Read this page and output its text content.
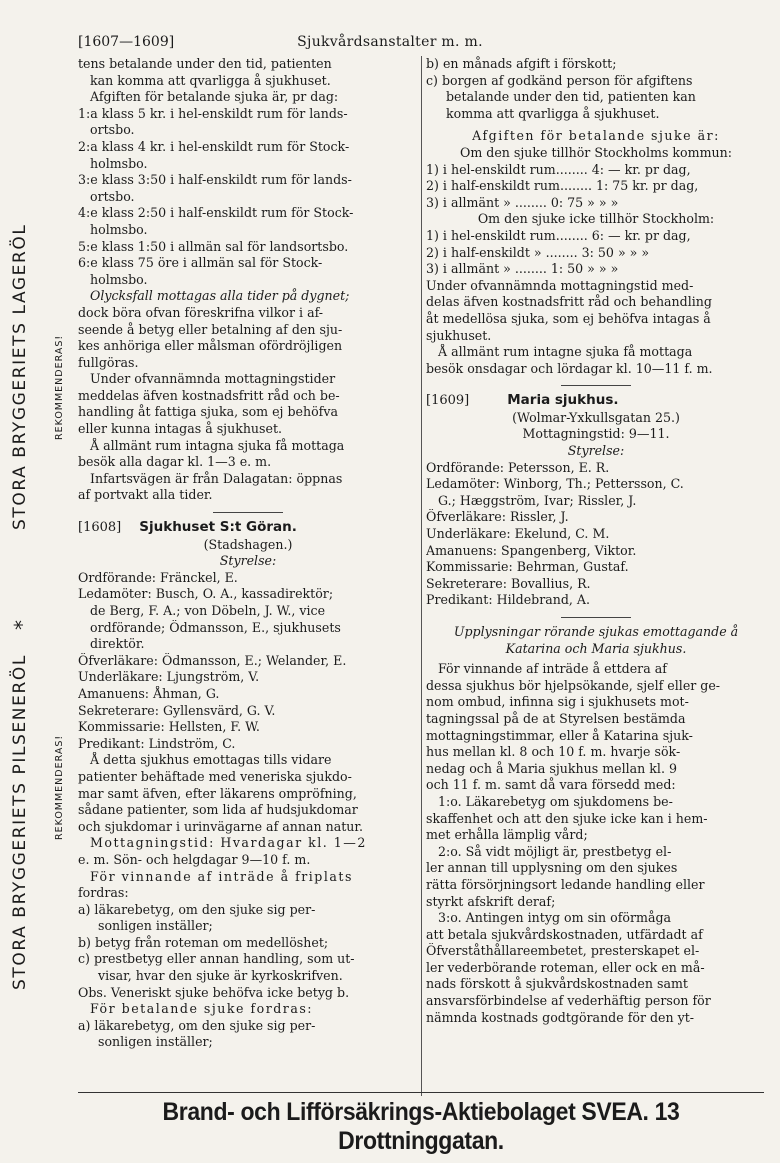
[1607—1609]	Sjukvårdsanstalter m. m.
STORA BRYGGERIETS LAGERÖL	REKOMMENDERAS!
*
STORA BRYGGERIETS PILSENERÖL	REKOMMENDERAS!
tens betalande under den tid, patienten
kan komma att qvarligga å sjukhuset.
Afgiften för betalande sjuka är, pr dag:
1:a klass 5 kr. i hel-enskildt rum för lands-
ortsbo.
2:a klass 4 kr. i hel-enskildt rum för Stock-
holmsbo.
3:e klass 3:50 i half-enskildt rum för lands-
ortsbo.
4:e klass 2:50 i half-enskildt rum för Stock-
holmsbo.
5:e klass 1:50 i allmän sal för landsortsbo.
6:e klass 75 öre i allmän sal för Stock-
holmsbo.
Olycksfall mottagas alla tider på dygnet;
dock böra ofvan föreskrifna vilkor i af-
seende å betyg eller betalning af den sju-
kes anhöriga eller målsman ofördröjligen
fullgöras.
Under ofvannämnda mottagningstider
meddelas äfven kostnadsfritt råd och be-
handling åt fattiga sjuka, som ej behöfva
eller kunna intagas å sjukhuset.
Å allmänt rum intagna sjuka få mottaga
besök alla dagar kl. 1—3 e. m.
Infartsvägen är från Dalagatan: öppnas
af portvakt alla tider.
[1608] Sjukhuset S:t Göran.
(Stadshagen.)
Styrelse:
Ordförande: Fränckel, E.
Ledamöter: Busch, O. A., kassadirektör;
de Berg, F. A.; von Döbeln, J. W., vice
ordförande; Ödmansson, E., sjukhusets
direktör.
Öfverläkare: Ödmansson, E.; Welander, E.
Underläkare: Ljungström, V.
Amanuens: Åhman, G.
Sekreterare: Gyllensvärd, G. V.
Kommissarie: Hellsten, F. W.
Predikant: Lindström, C.
Å detta sjukhus emottagas tills vidare
patienter behäftade med veneriska sjukdo-
mar samt äfven, efter läkarens ompröfning,
sådane patienter, som lida af hudsjukdomar
och sjukdomar i urinvägarne af annan natur.
Mottagningstid: Hvardagar kl. 1—2
e. m. Sön- och helgdagar 9—10 f. m.
För vinnande af inträde å friplats
fordras:
a) läkarebetyg, om den sjuke sig per-
sonligen inställer;
b) betyg från roteman om medellöshet;
c) prestbetyg eller annan handling, som ut-
visar, hvar den sjuke är kyrkoskrifven.
Obs. Veneriskt sjuke behöfva icke betyg b.
För betalande sjuke fordras:
a) läkarebetyg, om den sjuke sig per-
sonligen inställer;
b) en månads afgift i förskott;
c) borgen af godkänd person för afgiftens
betalande under den tid, patienten kan
komma att qvarligga å sjukhuset.
Afgiften för betalande sjuke är:
Om den sjuke tillhör Stockholms kommun:
1) i hel-enskildt rum........ 4: — kr. pr dag,
2) i half-enskildt rum........ 1: 75 kr. pr dag,
3) i allmänt » ........ 0: 75 » » »
Om den sjuke icke tillhör Stockholm:
1) i hel-enskildt rum........ 6: — kr. pr dag,
2) i half-enskildt » ........ 3: 50 » » »
3) i allmänt » ........ 1: 50 » » »
Under ofvannämnda mottagningstid med-
delas äfven kostnadsfritt råd och behandling
åt medellösa sjuka, som ej behöfva intagas å
sjukhuset.
Å allmänt rum intagne sjuka få mottaga
besök onsdagar och lördagar kl. 10—11 f. m.
[1609]	Maria sjukhus.
(Wolmar-Yxkullsgatan 25.)
Mottagningstid: 9—11.
Styrelse:
Ordförande: Petersson, E. R.
Ledamöter: Winborg, Th.; Pettersson, C.
G.; Hæggström, Ivar; Rissler, J.
Öfverläkare: Rissler, J.
Underläkare: Ekelund, C. M.
Amanuens: Spangenberg, Viktor.
Kommissarie: Behrman, Gustaf.
Sekreterare: Bovallius, R.
Predikant: Hildebrand, A.
Upplysningar rörande sjukas emottagande å
Katarina och Maria sjukhus.
För vinnande af inträde å ettdera af
dessa sjukhus bör hjelpsökande, sjelf eller ge-
nom ombud, infinna sig i sjukhusets mot-
tagningssal på de at Styrelsen bestämda
mottagningstimmar, eller å Katarina sjuk-
hus mellan kl. 8 och 10 f. m. hvarje sök-
nedag och å Maria sjukhus mellan kl. 9
och 11 f. m. samt då vara försedd med:
1:o. Läkarebetyg om sjukdomens be-
skaffenhet och att den sjuke icke kan i hem-
met erhålla lämplig vård;
2:o. Så vidt möjligt är, prestbetyg el-
ler annan till upplysning om den sjukes
rätta försörjningsort ledande handling eller
styrkt afskrift deraf;
3:o. Antingen intyg om sin oförmåga
att betala sjukvårdskostnaden, utfärdadt af
Öfverståthållareembetet, presterskapet el-
ler vederbörande roteman, eller ock en må-
nads förskott å sjukvårdskostnaden samt
ansvarsförbindelse af vederhäftig person för
nämnda kostnads godtgörande för den yt-
Brand- och Lifförsäkrings-Aktiebolaget SVEA. 13 Drottninggatan.
